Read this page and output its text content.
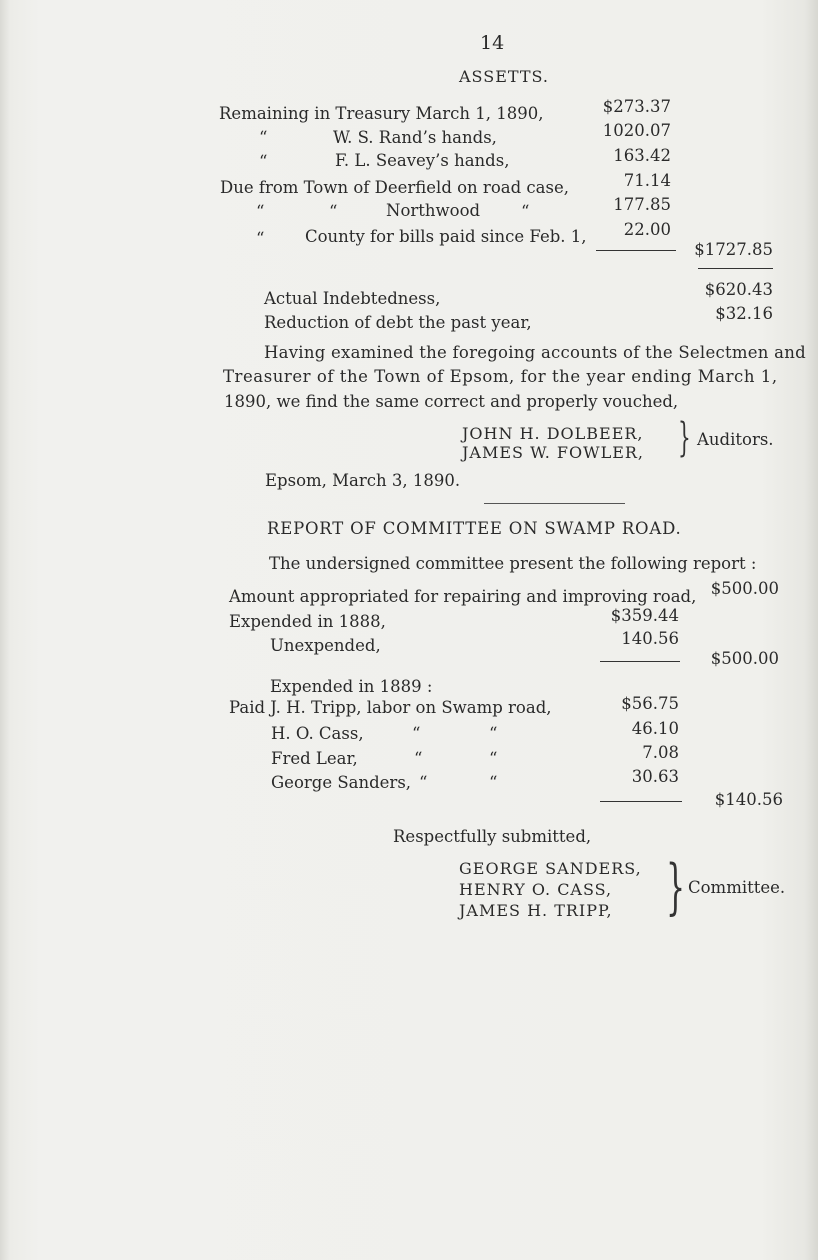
14
ASSETTS.
Remaining in Treasury March 1, 1890,	$273.37
“	W. S. Rand’s hands,	1020.07
“	F. L. Seavey’s hands,	163.42
Due from Town of Deerfield on road case,	71.14
“	“	Northwood “	177.85
“ County for bills paid since Feb. 1,	22.00
$1727.85
Actual Indebtedness,	$620.43
Reduction of debt the past year,	$32.16
Having examined the foregoing accounts of the Selectmen and
Treasurer of the Town of Epsom, for the year ending March 1,
1890, we find the same correct and properly vouched,
JOHN H. DOLBEER,
JAMES W. FOWLER, } Auditors.
Epsom, March 3, 1890.
REPORT OF COMMITTEE ON SWAMP ROAD.
The undersigned committee present the following report :
Amount appropriated for repairing and improving road, $500.00
Expended in 1888,	$359.44
Unexpended,	140.56
$500.00
Expended in 1889 :
Paid J. H. Tripp, labor on Swamp road,	$56.75
H. O. Cass,	“	“	46.10
Fred Lear,	“	“	7.08
George Sanders, “	“	30.63
$140.56
Respectfully submitted,
GEORGE SANDERS,
HENRY O. CASS,
JAMES H. TRIPP, } Committee.
